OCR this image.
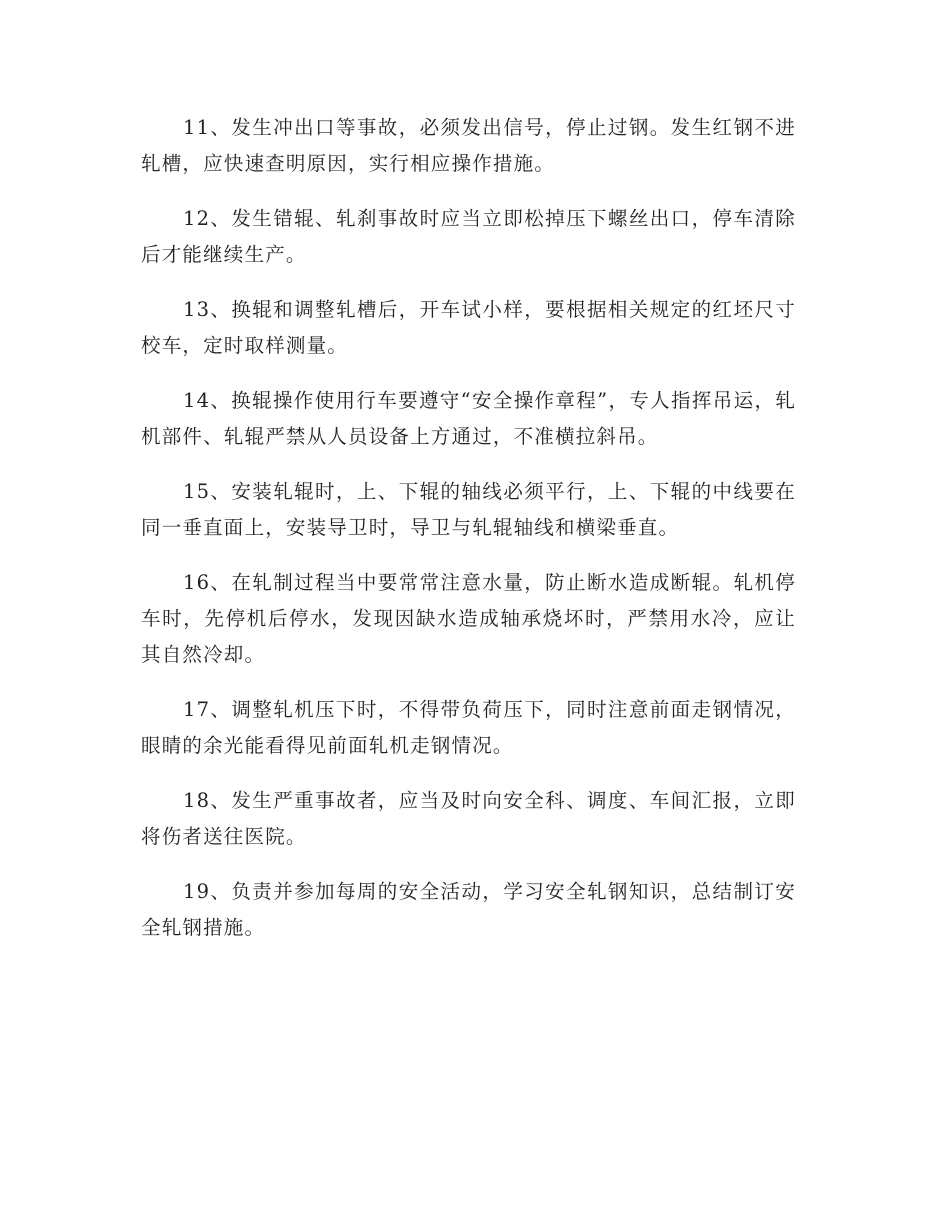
11、发生冲出口等事故，必须发出信号，停止过钢。发生红钢不进轧槽，应快速查明原因，实行相应操作措施。

12、发生错辊、轧刹事故时应当立即松掉压下螺丝出口，停车清除后才能继续生产。

13、换辊和调整轧槽后，开车试小样，要根据相关规定的红坯尺寸校车，定时取样测量。

14、换辊操作使用行车要遵守“安全操作章程”，专人指挥吊运，轧机部件、轧辊严禁从人员设备上方通过，不准横拉斜吊。

15、安装轧辊时，上、下辊的轴线必须平行，上、下辊的中线要在同一垂直面上，安装导卫时，导卫与轧辊轴线和横梁垂直。

16、在轧制过程当中要常常注意水量，防止断水造成断辊。轧机停车时，先停机后停水，发现因缺水造成轴承烧坏时，严禁用水冷，应让其自然冷却。

17、调整轧机压下时，不得带负荷压下，同时注意前面走钢情况，眼睛的余光能看得见前面轧机走钢情况。

18、发生严重事故者，应当及时向安全科、调度、车间汇报，立即将伤者送往医院。

19、负责并参加每周的安全活动，学习安全轧钢知识，总结制订安全轧钢措施。
